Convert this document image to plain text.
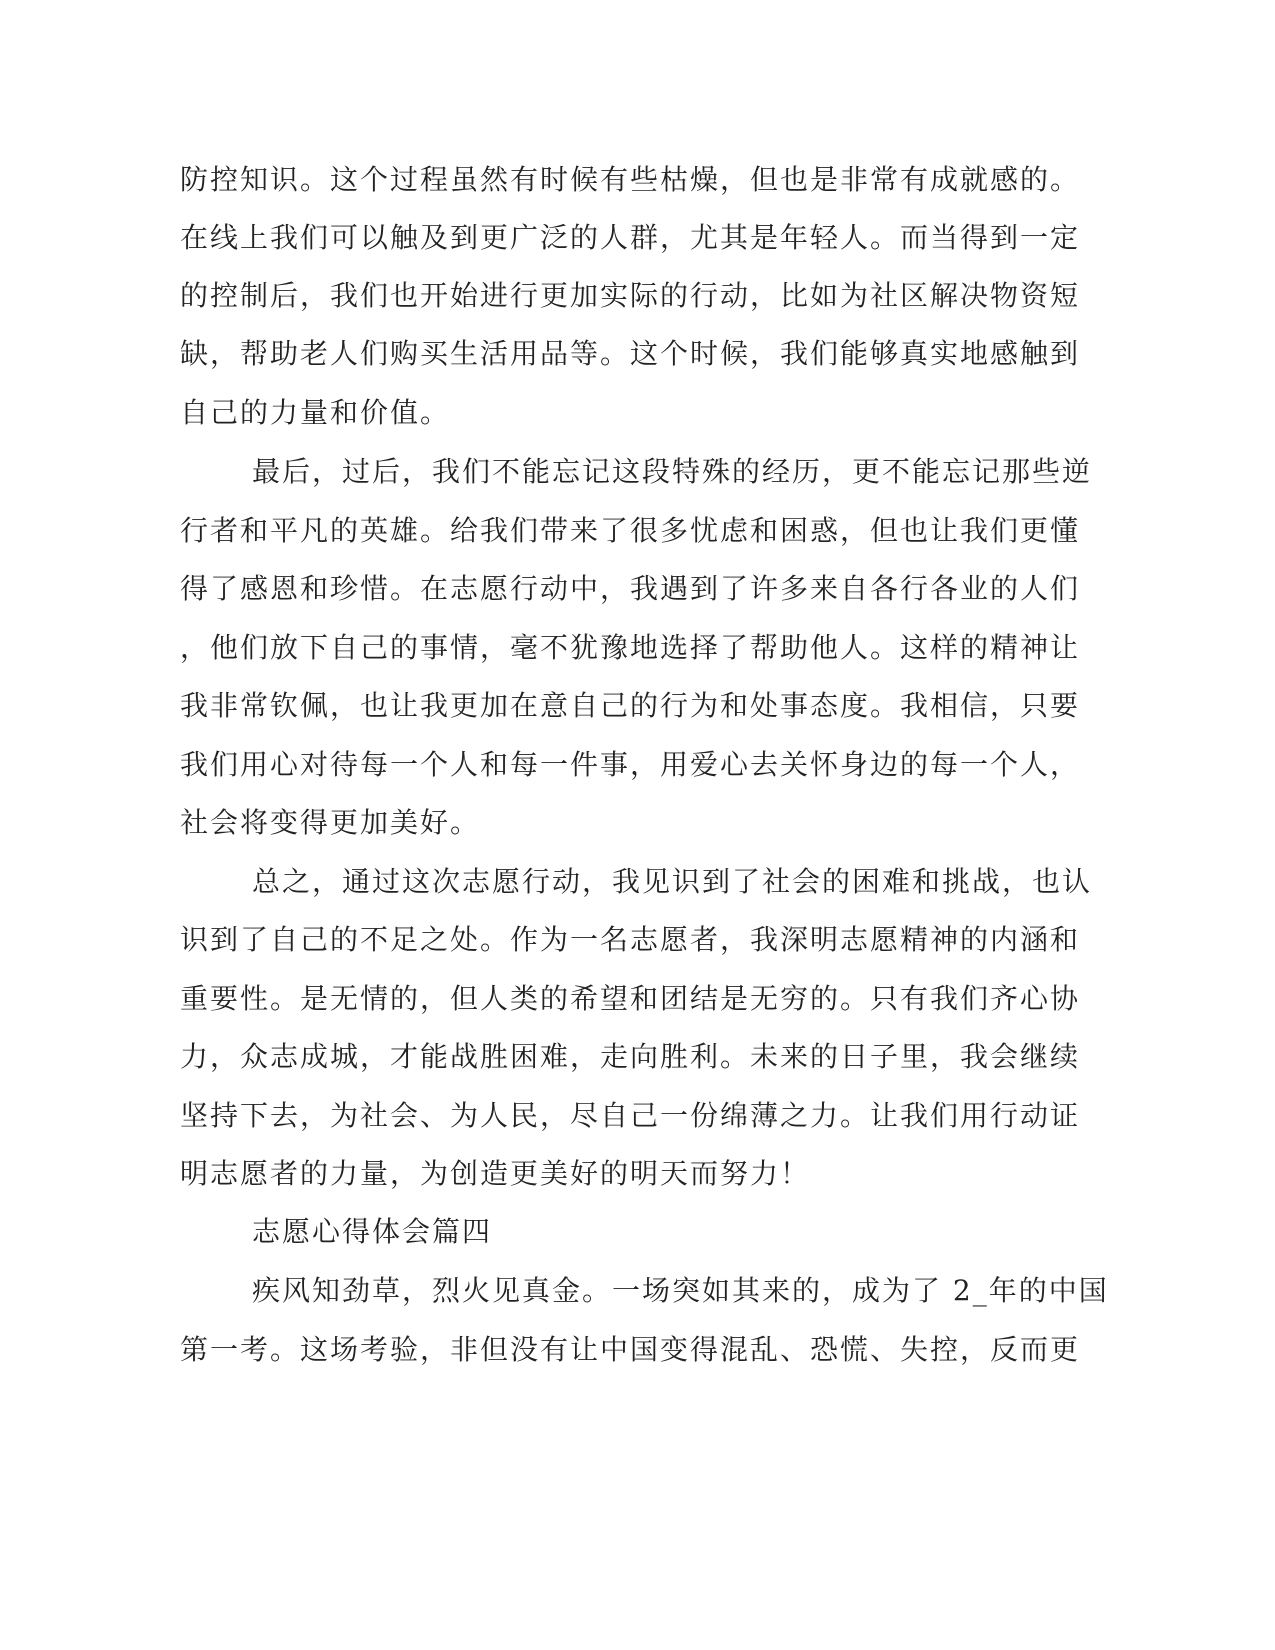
防控知识。这个过程虽然有时候有些枯燥，但也是非常有成就感的。

在线上我们可以触及到更广泛的人群，尤其是年轻人。而当得到一定

的控制后，我们也开始进行更加实际的行动，比如为社区解决物资短

缺，帮助老人们购买生活用品等。这个时候，我们能够真实地感触到

自己的力量和价值。

最后，过后，我们不能忘记这段特殊的经历，更不能忘记那些逆

行者和平凡的英雄。给我们带来了很多忧虑和困惑，但也让我们更懂

得了感恩和珍惜。在志愿行动中，我遇到了许多来自各行各业的人们

，他们放下自己的事情，毫不犹豫地选择了帮助他人。这样的精神让

我非常钦佩，也让我更加在意自己的行为和处事态度。我相信，只要

我们用心对待每一个人和每一件事，用爱心去关怀身边的每一个人，

社会将变得更加美好。

总之，通过这次志愿行动，我见识到了社会的困难和挑战，也认

识到了自己的不足之处。作为一名志愿者，我深明志愿精神的内涵和

重要性。是无情的，但人类的希望和团结是无穷的。只有我们齐心协

力，众志成城，才能战胜困难，走向胜利。未来的日子里，我会继续

坚持下去，为社会、为人民，尽自己一份绵薄之力。让我们用行动证

明志愿者的力量，为创造更美好的明天而努力！

志愿心得体会篇四

疾风知劲草，烈火见真金。一场突如其来的，成为了 2_年的中国

第一考。这场考验，非但没有让中国变得混乱、恐慌、失控，反而更
